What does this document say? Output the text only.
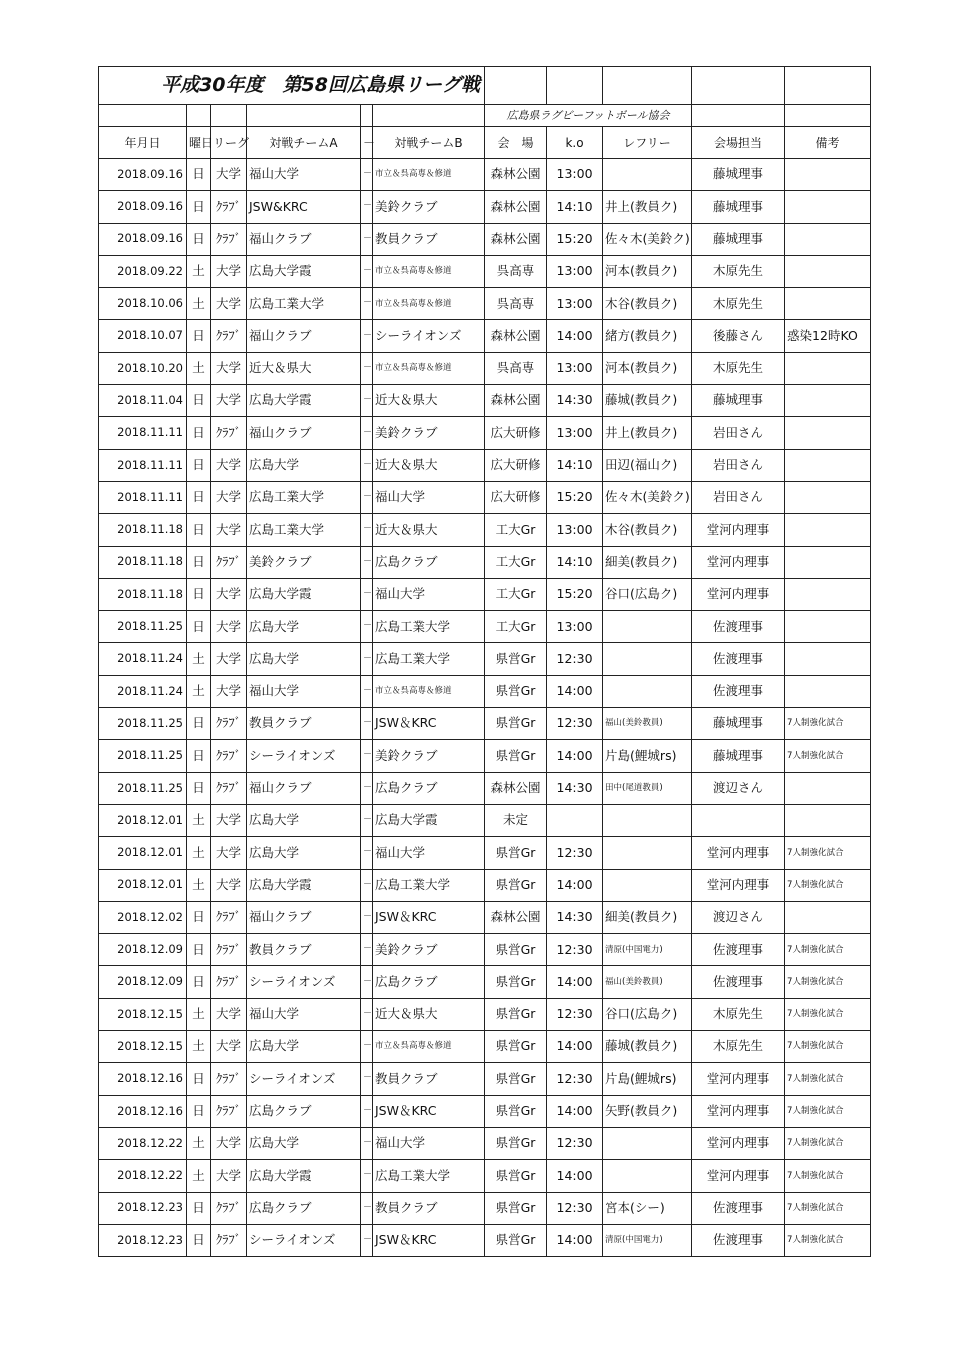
平成30年度　第58回広島県リーグ戦										
						広島県ラグビーフットボール協会				
年月日	曜日	リーグ	対戦チームA	－	対戦チームB	会　場	k.o	レフリー	会場担当	備考
2018.09.16	日	大学	福山大学	－	市立＆呉高専＆修道	森林公園	13:00		藤城理事	
2018.09.16	日	ｸﾗﾌﾞ	JSW&KRC	－	美鈴クラブ	森林公園	14:10	井上(教員ク)	藤城理事	
2018.09.16	日	ｸﾗﾌﾞ	福山クラブ	－	教員クラブ	森林公園	15:20	佐々木(美鈴ク)	藤城理事	
2018.09.22	土	大学	広島大学霞	－	市立＆呉高専＆修道	呉高専	13:00	河本(教員ク)	木原先生	
2018.10.06	土	大学	広島工業大学	－	市立＆呉高専＆修道	呉高専	13:00	木谷(教員ク)	木原先生	
2018.10.07	日	ｸﾗﾌﾞ	福山クラブ	－	シーライオンズ	森林公園	14:00	緒方(教員ク)	後藤さん	惑染12時KO
2018.10.20	土	大学	近大＆県大	－	市立＆呉高専＆修道	呉高専	13:00	河本(教員ク)	木原先生	
2018.11.04	日	大学	広島大学霞	－	近大＆県大	森林公園	14:30	藤城(教員ク)	藤城理事	
2018.11.11	日	ｸﾗﾌﾞ	福山クラブ	－	美鈴クラブ	広大研修	13:00	井上(教員ク)	岩田さん	
2018.11.11	日	大学	広島大学	－	近大＆県大	広大研修	14:10	田辺(福山ク)	岩田さん	
2018.11.11	日	大学	広島工業大学	－	福山大学	広大研修	15:20	佐々木(美鈴ク)	岩田さん	
2018.11.18	日	大学	広島工業大学	－	近大＆県大	工大Gr	13:00	木谷(教員ク)	堂河内理事	
2018.11.18	日	ｸﾗﾌﾞ	美鈴クラブ	－	広島クラブ	工大Gr	14:10	細美(教員ク)	堂河内理事	
2018.11.18	日	大学	広島大学霞	－	福山大学	工大Gr	15:20	谷口(広島ク)	堂河内理事	
2018.11.25	日	大学	広島大学	－	広島工業大学	工大Gr	13:00		佐渡理事	
2018.11.24	土	大学	広島大学	－	広島工業大学	県営Gr	12:30		佐渡理事	
2018.11.24	土	大学	福山大学	－	市立＆呉高専＆修道	県営Gr	14:00		佐渡理事	
2018.11.25	日	ｸﾗﾌﾞ	教員クラブ	－	JSW＆KRC	県営Gr	12:30	福山(美鈴教員)	藤城理事	7人制強化試合
2018.11.25	日	ｸﾗﾌﾞ	シーライオンズ	－	美鈴クラブ	県営Gr	14:00	片島(鯉城rs)	藤城理事	7人制強化試合
2018.11.25	日	ｸﾗﾌﾞ	福山クラブ	－	広島クラブ	森林公園	14:30	田中(尾道教員)	渡辺さん	
2018.12.01	土	大学	広島大学	－	広島大学霞	未定				
2018.12.01	土	大学	広島大学	－	福山大学	県営Gr	12:30		堂河内理事	7人制強化試合
2018.12.01	土	大学	広島大学霞	－	広島工業大学	県営Gr	14:00		堂河内理事	7人制強化試合
2018.12.02	日	ｸﾗﾌﾞ	福山クラブ	－	JSW＆KRC	森林公園	14:30	細美(教員ク)	渡辺さん	
2018.12.09	日	ｸﾗﾌﾞ	教員クラブ	－	美鈴クラブ	県営Gr	12:30	清原(中国電力)	佐渡理事	7人制強化試合
2018.12.09	日	ｸﾗﾌﾞ	シーライオンズ	－	広島クラブ	県営Gr	14:00	福山(美鈴教員)	佐渡理事	7人制強化試合
2018.12.15	土	大学	福山大学	－	近大＆県大	県営Gr	12:30	谷口(広島ク)	木原先生	7人制強化試合
2018.12.15	土	大学	広島大学	－	市立＆呉高専＆修道	県営Gr	14:00	藤城(教員ク)	木原先生	7人制強化試合
2018.12.16	日	ｸﾗﾌﾞ	シーライオンズ	－	教員クラブ	県営Gr	12:30	片島(鯉城rs)	堂河内理事	7人制強化試合
2018.12.16	日	ｸﾗﾌﾞ	広島クラブ	－	JSW＆KRC	県営Gr	14:00	矢野(教員ク)	堂河内理事	7人制強化試合
2018.12.22	土	大学	広島大学	－	福山大学	県営Gr	12:30		堂河内理事	7人制強化試合
2018.12.22	土	大学	広島大学霞	－	広島工業大学	県営Gr	14:00		堂河内理事	7人制強化試合
2018.12.23	日	ｸﾗﾌﾞ	広島クラブ	－	教員クラブ	県営Gr	12:30	宮本(シー)	佐渡理事	7人制強化試合
2018.12.23	日	ｸﾗﾌﾞ	シーライオンズ	－	JSW＆KRC	県営Gr	14:00	清原(中国電力)	佐渡理事	7人制強化試合
